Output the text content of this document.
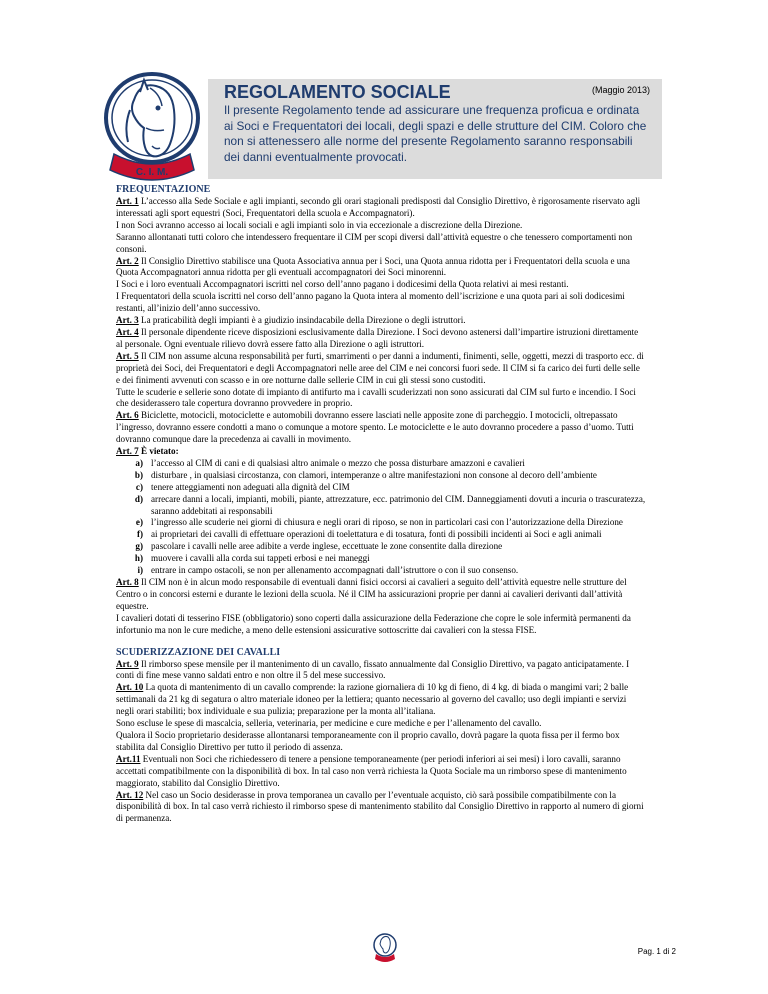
C. I. M.
REGOLAMENTO SOCIALE	(Maggio 2013)
Il presente Regolamento tende ad assicurare une frequenza proficua e ordinata ai Soci e Frequentatori dei locali, degli spazi e delle strutture del CIM. Coloro che non si attenessero alle norme del presente Regolamento saranno responsabili dei danni eventualmente provocati.
FREQUENTAZIONE

Art. 1 L’accesso alla Sede Sociale e agli impianti, secondo gli orari stagionali predisposti dal Consiglio Direttivo, è rigorosamente riservato agli interessati agli sport equestri (Soci, Frequentatori della scuola e Accompagnatori).

I non Soci avranno accesso ai locali sociali e agli impianti solo in via eccezionale a discrezione della Direzione.

Saranno allontanati tutti coloro che intendessero frequentare il CIM per scopi diversi dall’attività equestre o che tenessero comportamenti non consoni.

Art. 2 Il Consiglio Direttivo stabilisce una Quota Associativa annua per i Soci, una Quota annua ridotta per i Frequentatori della scuola e una Quota Accompagnatori annua ridotta per gli eventuali accompagnatori dei Soci minorenni.

I Soci e i loro eventuali Accompagnatori iscritti nel corso dell’anno pagano i dodicesimi della Quota relativi ai mesi restanti.

I Frequentatori della scuola iscritti nel corso dell’anno pagano la Quota intera al momento dell’iscrizione e una quota pari ai soli dodicesimi restanti, all’inizio dell’anno successivo.

Art. 3 La praticabilità degli impianti è a giudizio insindacabile della Direzione o degli istruttori.

Art. 4 Il personale dipendente riceve disposizioni esclusivamente dalla Direzione. I Soci devono astenersi dall’impartire istruzioni direttamente al personale. Ogni eventuale rilievo dovrà essere fatto alla Direzione o agli istruttori.

Art. 5 Il CIM non assume alcuna responsabilità per furti, smarrimenti o per danni a indumenti, finimenti, selle, oggetti, mezzi di trasporto ecc. di proprietà dei Soci, dei Frequentatori e degli Accompagnatori nelle aree del CIM e nei concorsi fuori sede. Il CIM si fa carico dei furti delle selle e dei finimenti avvenuti con scasso e in ore notturne dalle sellerie CIM in cui gli stessi sono custoditi.

Tutte le scuderie e sellerie sono dotate di impianto di antifurto ma i cavalli scuderizzati non sono assicurati dal CIM sul furto e incendio. I Soci che desiderassero tale copertura dovranno provvedere in proprio.

Art. 6 Biciclette, motocicli, motociclette e automobili dovranno essere lasciati nelle apposite zone di parcheggio. I motocicli, oltrepassato l’ingresso, dovranno essere condotti a mano o comunque a motore spento. Le motociclette e le auto dovranno procedere a passo d’uomo. Tutti dovranno comunque dare la precedenza ai cavalli in movimento.

Art. 7 È vietato:

a) l’accesso al CIM di cani e di qualsiasi altro animale o mezzo che possa disturbare amazzoni e cavalieri
b) disturbare , in qualsiasi circostanza, con clamori, intemperanze o altre manifestazioni non consone al decoro dell’ambiente
c) tenere atteggiamenti non adeguati alla dignità del CIM
d) arrecare danni a locali, impianti, mobili, piante, attrezzature, ecc. patrimonio del CIM. Danneggiamenti dovuti a incuria o trascuratezza, saranno addebitati ai responsabili
e) l’ingresso alle scuderie nei giorni di chiusura e negli orari di riposo, se non in particolari casi con l’autorizzazione della Direzione
f) ai proprietari dei cavalli di effettuare operazioni di toelettatura e di tosatura, fonti di possibili incidenti ai Soci e agli animali
g) pascolare i cavalli nelle aree adibite a verde inglese, eccettuate le zone consentite dalla direzione
h) muovere i cavalli alla corda sui tappeti erbosi e nei maneggi
i) entrare in campo ostacoli, se non per allenamento accompagnati dall’istruttore o con il suo consenso.

Art. 8 Il CIM non è in alcun modo responsabile di eventuali danni fisici occorsi ai cavalieri a seguito dell’attività equestre nelle strutture del Centro o in concorsi esterni e durante le lezioni della scuola. Né il CIM ha assicurazioni proprie per danni ai cavalieri derivanti dall’attività equestre.

I cavalieri dotati di tesserino FISE (obbligatorio) sono coperti dalla assicurazione della Federazione che copre le sole infermità permanenti da infortunio ma non le cure mediche, a meno delle estensioni assicurative sottoscritte dai cavalieri con la stessa FISE.

SCUDERIZZAZIONE DEI CAVALLI

Art. 9 Il rimborso spese mensile per il mantenimento di un cavallo, fissato annualmente dal Consiglio Direttivo, va pagato anticipatamente. I conti di fine mese vanno saldati entro e non oltre il 5 del mese successivo.

Art. 10 La quota di mantenimento di un cavallo comprende: la razione giornaliera di 10 kg di fieno, di 4 kg. di biada o mangimi vari; 2 balle settimanali da 21 kg di segatura o altro materiale idoneo per la lettiera; quanto necessario al governo del cavallo; uso degli impianti e servizi negli orari stabiliti; box individuale e sua pulizia; preparazione per la monta all’italiana.

Sono escluse le spese di mascalcia, selleria, veterinaria, per medicine e cure mediche e per l’allenamento del cavallo.

Qualora il Socio proprietario desiderasse allontanarsi temporaneamente con il proprio cavallo, dovrà pagare la quota fissa per il fermo box stabilita dal Consiglio Direttivo per tutto il periodo di assenza.

Art.11 Eventuali non Soci che richiedessero di tenere a pensione temporaneamente (per periodi inferiori ai sei mesi) i loro cavalli, saranno accettati compatibilmente con la disponibilità di box. In tal caso non verrà richiesta la Quota Sociale ma un rimborso spese di mantenimento maggiorato, stabilito dal Consiglio Direttivo.

Art. 12 Nel caso un Socio desiderasse in prova temporanea un cavallo per l’eventuale acquisto, ciò sarà possibile compatibilmente con la disponibilità di box. In tal caso verrà richiesto il rimborso spese di mantenimento stabilito dal Consiglio Direttivo in rapporto al numero di giorni di permanenza.

Pag. 1 di 2
